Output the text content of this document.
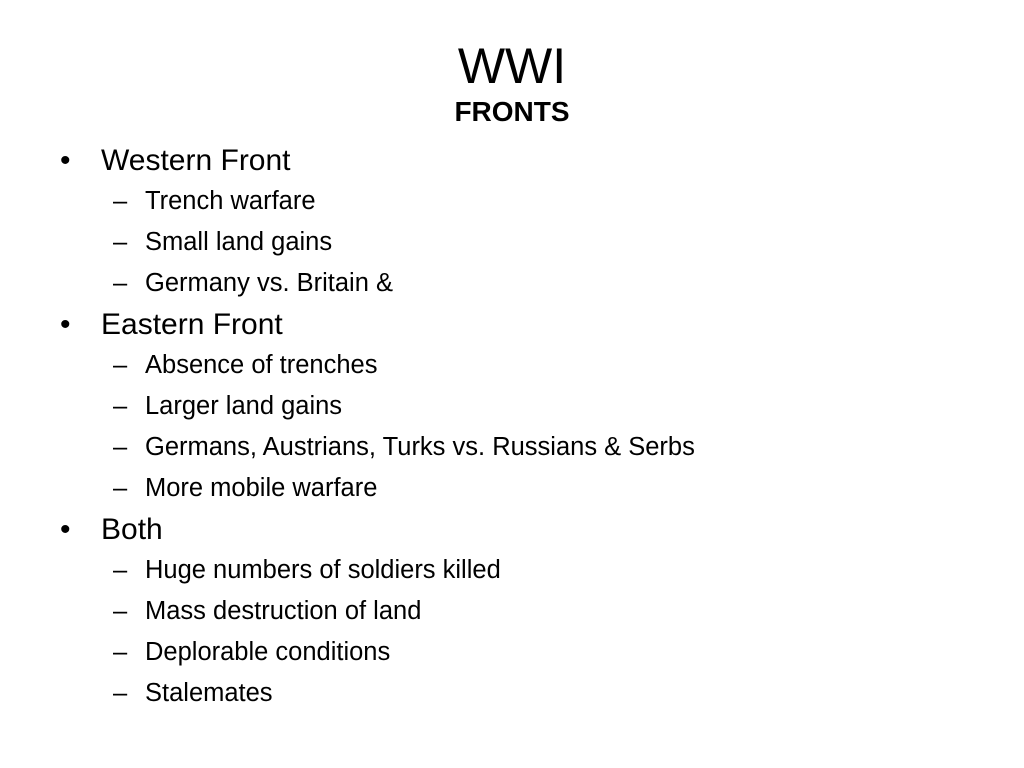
WWI
FRONTS
•	Western Front
– Trench warfare
– Small land gains
– Germany vs. Britain &
•	Eastern Front
– Absence of trenches
– Larger land gains
– Germans, Austrians, Turks vs. Russians & Serbs
– More mobile warfare
•	Both
– Huge numbers of soldiers killed
– Mass destruction of land
– Deplorable conditions
– Stalemates
